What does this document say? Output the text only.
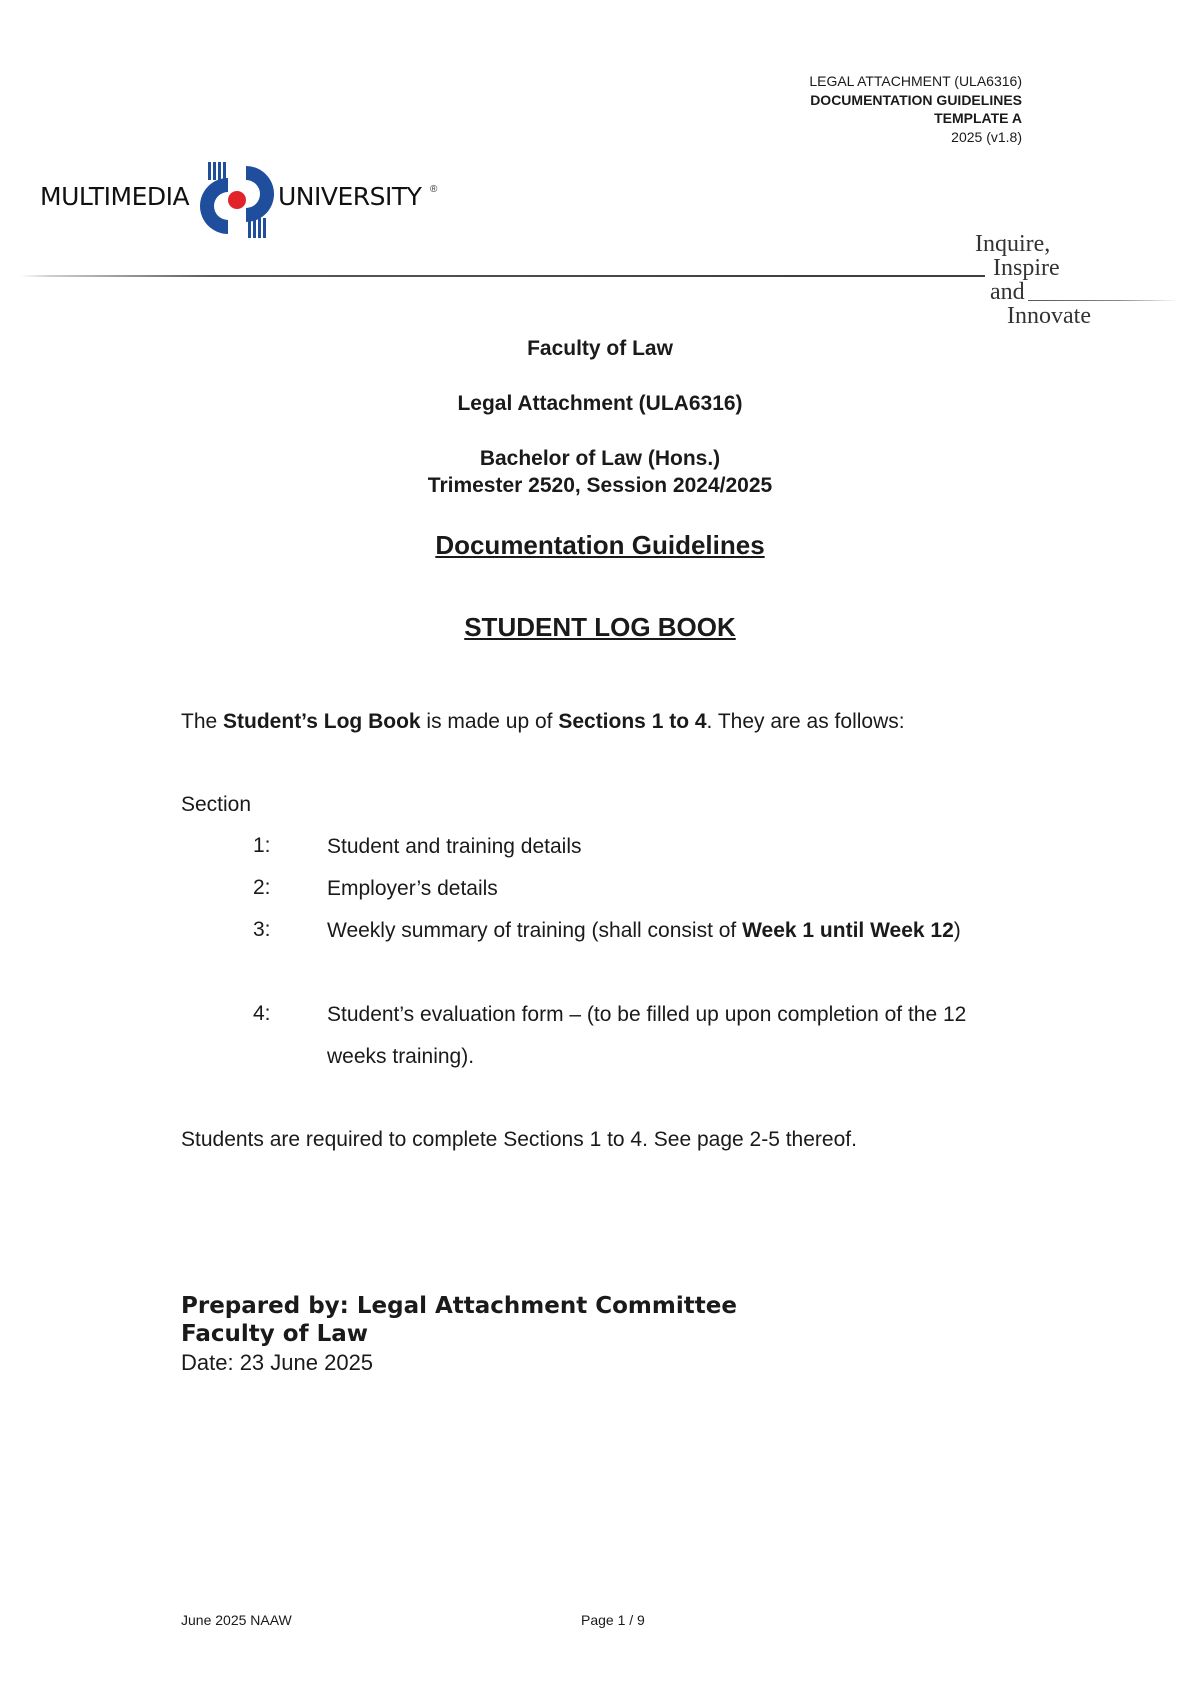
LEGAL ATTACHMENT (ULA6316)
DOCUMENTATION GUIDELINES
TEMPLATE A
2025 (v1.8)
MULTIMEDIA	UNIVERSITY ®
Inquire,
Inspire
and
Innovate
Faculty of Law
Legal Attachment (ULA6316)
Bachelor of Law (Hons.)
Trimester 2520, Session 2024/2025
Documentation Guidelines
STUDENT LOG BOOK
The Student’s Log Book is made up of Sections 1 to 4. They are as follows:
Section
1:	Student and training details
2:	Employer’s details
3:	Weekly summary of training (shall consist of Week 1 until Week 12)
4:	Student’s evaluation form – (to be filled up upon completion of the 12 weeks training).
Students are required to complete Sections 1 to 4. See page 2-5 thereof.
Prepared by: Legal Attachment Committee
Faculty of Law
Date: 23 June 2025
June 2025 NAAW	Page 1 / 9
